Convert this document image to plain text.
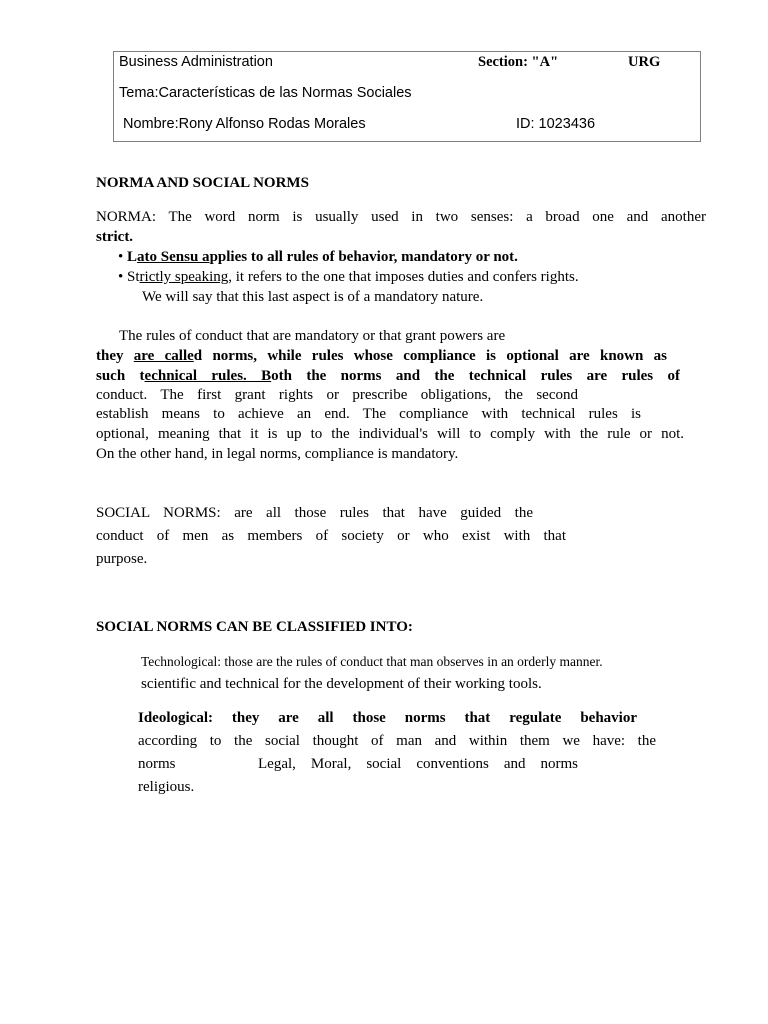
Business Administration	Section: "A"	URG
Tema:Características de las Normas Sociales
Nombre:Rony Alfonso Rodas Morales	ID: 1023436
NORMA AND SOCIAL NORMS
NORMA: The word norm is usually used in two senses: a broad one and another
strict.
• Lato Sensu applies to all rules of behavior, mandatory or not.
• Strictly speaking, it refers to the one that imposes duties and confers rights.
We will say that this last aspect is of a mandatory nature.
The rules of conduct that are mandatory or that grant powers are
they are called norms, while rules whose compliance is optional are known as
such technical rules. Both the norms and the technical rules are rules of
conduct. The first grant rights or prescribe obligations, the second
establish means to achieve an end. The compliance with technical rules is
optional, meaning that it is up to the individual's will to comply with the rule or not.
On the other hand, in legal norms, compliance is mandatory.
SOCIAL NORMS: are all those rules that have guided the
conduct of men as members of society or who exist with that
purpose.
SOCIAL NORMS CAN BE CLASSIFIED INTO:
Technological: those are the rules of conduct that man observes in an orderly manner.
scientific and technical for the development of their working tools.
Ideological: they are all those norms that regulate behavior
according to the social thought of man and within them we have: the
norms	Legal, Moral, social conventions and norms
religious.
